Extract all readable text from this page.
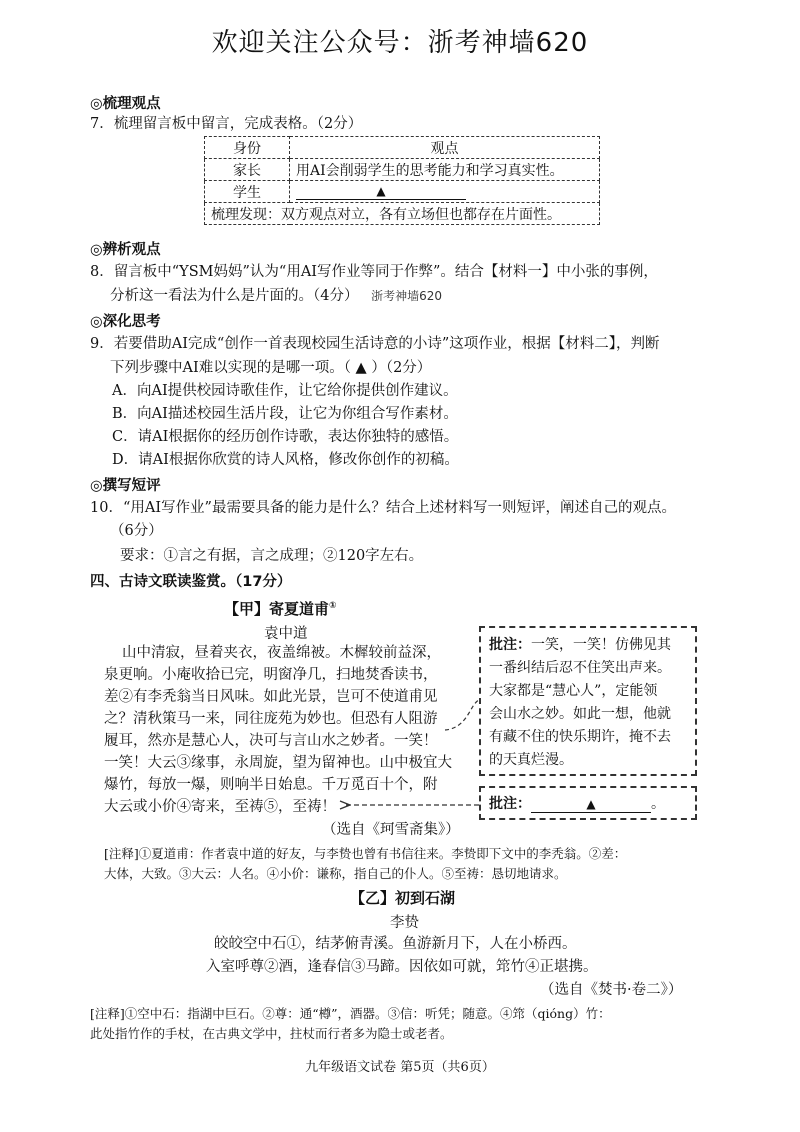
欢迎关注公众号：浙考神墙620
◎梳理观点
7．梳理留言板中留言，完成表格。（2分）
身份	观点
家长	用AI会削弱学生的思考能力和学习真实性。
学生	▲
梳理发现：双方观点对立，各有立场但也都存在片面性。	
◎辨析观点
8．留言板中“YSM妈妈”认为“用AI写作业等同于作弊”。结合【材料一】中小张的事例，
分析这一看法为什么是片面的。（4分） 浙考神墙620
◎深化思考
9．若要借助AI完成“创作一首表现校园生活诗意的小诗”这项作业，根据【材料二】，判断
下列步骤中AI难以实现的是哪一项。（ ▲ ）（2分）
A．向AI提供校园诗歌佳作，让它给你提供创作建议。
B．向AI描述校园生活片段，让它为你组合写作素材。
C．请AI根据你的经历创作诗歌，表达你独特的感悟。
D．请AI根据你欣赏的诗人风格，修改你创作的初稿。
◎撰写短评
10．“用AI写作业”最需要具备的能力是什么？结合上述材料写一则短评，阐述自己的观点。
（6分）
要求：①言之有据，言之成理；②120字左右。
四、古诗文联读鉴赏。（17分）
【甲】寄夏道甫①
袁中道
山中清寂，昼着夹衣，夜盖绵被。木樨较前益深，
泉更响。小庵收拾已完，明窗净几，扫地焚香读书，
差②有李秃翁当日风味。如此光景，岂可不使道甫见
之？清秋策马一来，同往庞苑为妙也。但恐有人阻游
履耳，然亦是慧心人，决可与言山水之妙者。一笑！
一笑！大云③缘事，永周旋，望为留神也。山中极宜大
爆竹，每放一爆，则响半日始息。千万觅百十个，附
大云或小价④寄来，至祷⑤，至祷！
批注：一笑，一笑！仿佛见其
一番纠结后忍不住笑出声来。
大家都是“慧心人”，定能领
会山水之妙。如此一想，他就
有藏不住的快乐期许，掩不去
的天真烂漫。
批注：	▲	。
（选自《珂雪斋集》）
[注释]①夏道甫：作者袁中道的好友，与李贽也曾有书信往来。李贽即下文中的李秃翁。②差：
大体，大致。③大云：人名。④小价：谦称，指自己的仆人。⑤至祷：恳切地请求。
【乙】初到石湖
李贽
皎皎空中石①，结茅俯青溪。鱼游新月下，人在小桥西。
入室呼尊②酒，逢春信③马蹄。因依如可就，筇竹④正堪携。
（选自《焚书·卷二》）
[注释]①空中石：指湖中巨石。②尊：通“樽”，酒器。③信：听凭；随意。④筇（qióng）竹：
此处指竹作的手杖，在古典文学中，拄杖而行者多为隐士或老者。
九年级语文试卷 第5页（共6页）
